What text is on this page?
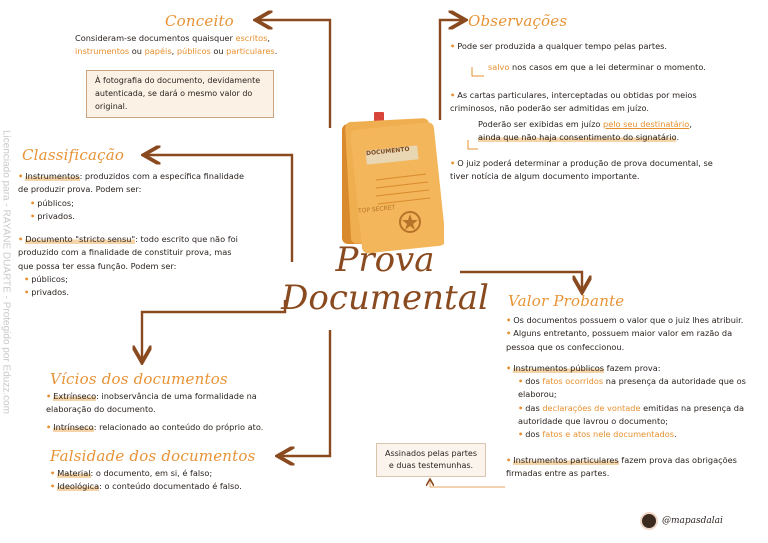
Licenciado para - RAYANE DUARTE - Protegido por Eduzz.com	DOCUMENTO
TOP SECRET
Prova
Documental
Conceito
Consideram-se documentos quaisquer escritos,
instrumentos ou papéis, públicos ou particulares.
À fotografia do documento, devidamente autenticada, se dará o mesmo valor do original.
Classificação
• Instrumentos: produzidos com a específica finalidade de produzir prova. Podem ser:
• públicos;
• privados.
• Documento "stricto sensu": todo escrito que não foi produzido com a finalidade de constituir prova, mas que possa ter essa função. Podem ser:
• públicos;
• privados.
Vícios dos documentos
• Extrínseco: inobservância de uma formalidade na elaboração do documento.
• Intrínseco: relacionado ao conteúdo do próprio ato.
Falsidade dos documentos
• Material: o documento, em si, é falso;
• Ideológica: o conteúdo documentado é falso.
Observações
• Pode ser produzida a qualquer tempo pelas partes.
salvo nos casos em que a lei determinar o momento.
• As cartas particulares, interceptadas ou obtidas por meios criminosos, não poderão ser admitidas em juízo.
Poderão ser exibidas em juízo pelo seu destinatário,
ainda que não haja consentimento do signatário.
• O juiz poderá determinar a produção de prova documental, se tiver notícia de algum documento importante.
Valor Probante
• Os documentos possuem o valor que o juiz lhes atribuir.
• Alguns entretanto, possuem maior valor em razão da pessoa que os confeccionou.
• Instrumentos públicos fazem prova:
• dos fatos ocorridos na presença da autoridade que os elaborou;
• das declarações de vontade emitidas na presença da autoridade que lavrou o documento;
• dos fatos e atos nele documentados.
• Instrumentos particulares fazem prova das obrigações firmadas entre as partes.
Assinados pelas partes e duas testemunhas.
@mapasdalai
